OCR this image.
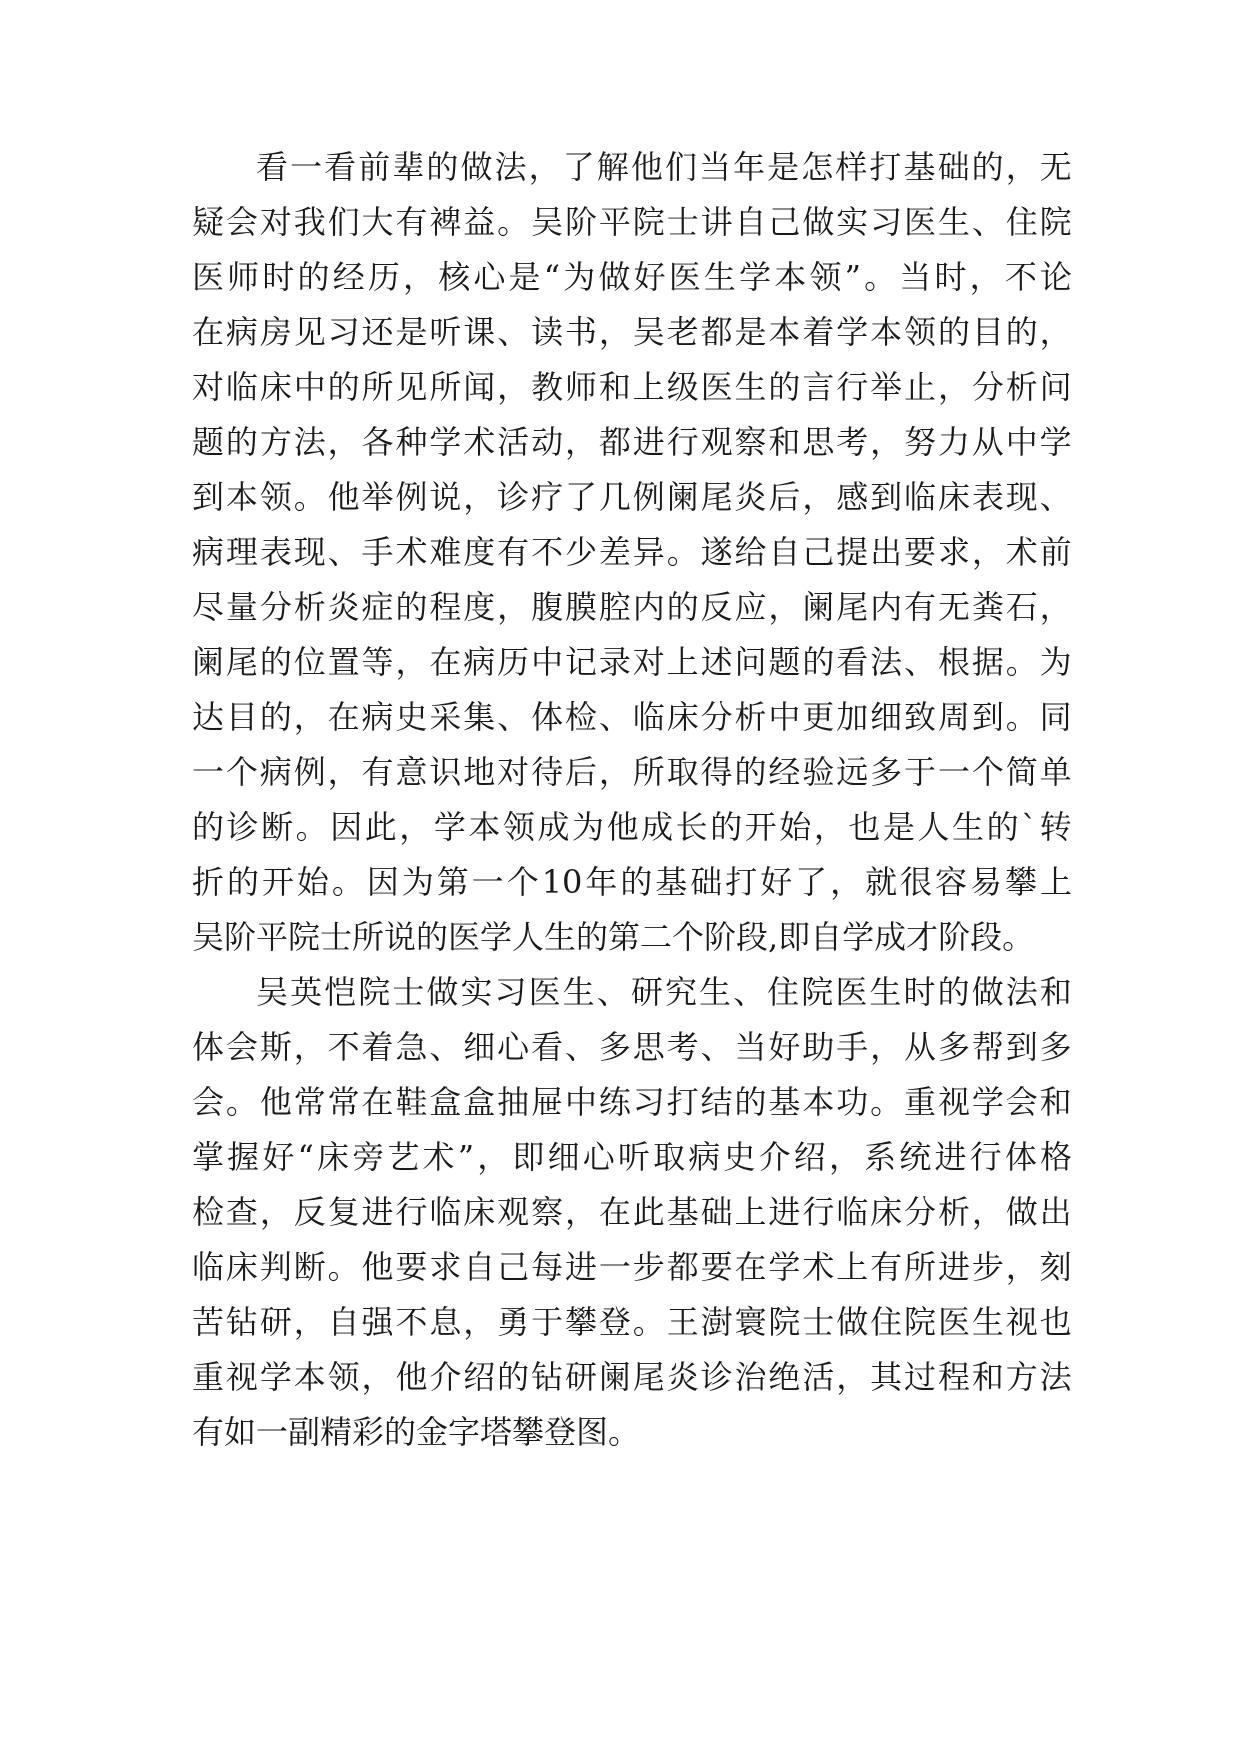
看 一 看 前 辈 的 做 法 ， 了 解 他 们 当 年 是 怎 样 打 基 础 的 ， 无
疑 会 对 我 们 大 有 裨 益 。 吴 阶 平 院 士 讲 自 己 做 实 习 医 生 、 住 院
医 师 时 的 经 历 ， 核 心 是 “ 为 做 好 医 生 学 本 领 ” 。 当 时 ， 不 论
在 病 房 见 习 还 是 听 课 、 读 书 ， 吴 老 都 是 本 着 学 本 领 的 目 的 ，
对 临 床 中 的 所 见 所 闻 ， 教 师 和 上 级 医 生 的 言 行 举 止 ， 分 析 问
题 的 方 法 ， 各 种 学 术 活 动 ， 都 进 行 观 察 和 思 考 ， 努 力 从 中 学
到 本 领 。 他 举 例 说 ， 诊 疗 了 几 例 阑 尾 炎 后 ， 感 到 临 床 表 现 、
病 理 表 现 、 手 术 难 度 有 不 少 差 异 。 遂 给 自 己 提 出 要 求 ， 术 前
尽 量 分 析 炎 症 的 程 度 ， 腹 膜 腔 内 的 反 应 ， 阑 尾 内 有 无 粪 石 ，
阑 尾 的 位 置 等 ， 在 病 历 中 记 录 对 上 述 问 题 的 看 法 、 根 据 。 为
达 目 的 ， 在 病 史 采 集 、 体 检 、 临 床 分 析 中 更 加 细 致 周 到 。 同
一 个 病 例 ， 有 意 识 地 对 待 后 ， 所 取 得 的 经 验 远 多 于 一 个 简 单
的 诊 断 。 因 此 ， 学 本 领 成 为 他 成 长 的 开 始 ， 也 是 人 生 的 ` 转
折 的 开 始 。 因 为 第 一 个 10 年 的 基 础 打 好 了 ， 就 很 容 易 攀 上
吴阶平院士所说的医学人生的第二个阶段,即自学成才阶段。
吴 英 恺 院 士 做 实 习 医 生 、 研 究 生 、 住 院 医 生 时 的 做 法 和
体 会 斯 ， 不 着 急 、 细 心 看 、 多 思 考 、 当 好 助 手 ， 从 多 帮 到 多
会 。 他 常 常 在 鞋 盒 盒 抽 屉 中 练 习 打 结 的 基 本 功 。 重 视 学 会 和
掌 握 好 “ 床 旁 艺 术 ” ， 即 细 心 听 取 病 史 介 绍 ， 系 统 进 行 体 格
检 查 ， 反 复 进 行 临 床 观 察 ， 在 此 基 础 上 进 行 临 床 分 析 ， 做 出
临 床 判 断 。 他 要 求 自 己 每 进 一 步 都 要 在 学 术 上 有 所 进 步 ， 刻
苦 钻 研 ， 自 强 不 息 ， 勇 于 攀 登 。 王 澍 寰 院 士 做 住 院 医 生 视 也
重 视 学 本 领 ， 他 介 绍 的 钻 研 阑 尾 炎 诊 治 绝 活 ， 其 过 程 和 方 法
有如一副精彩的金字塔攀登图。
